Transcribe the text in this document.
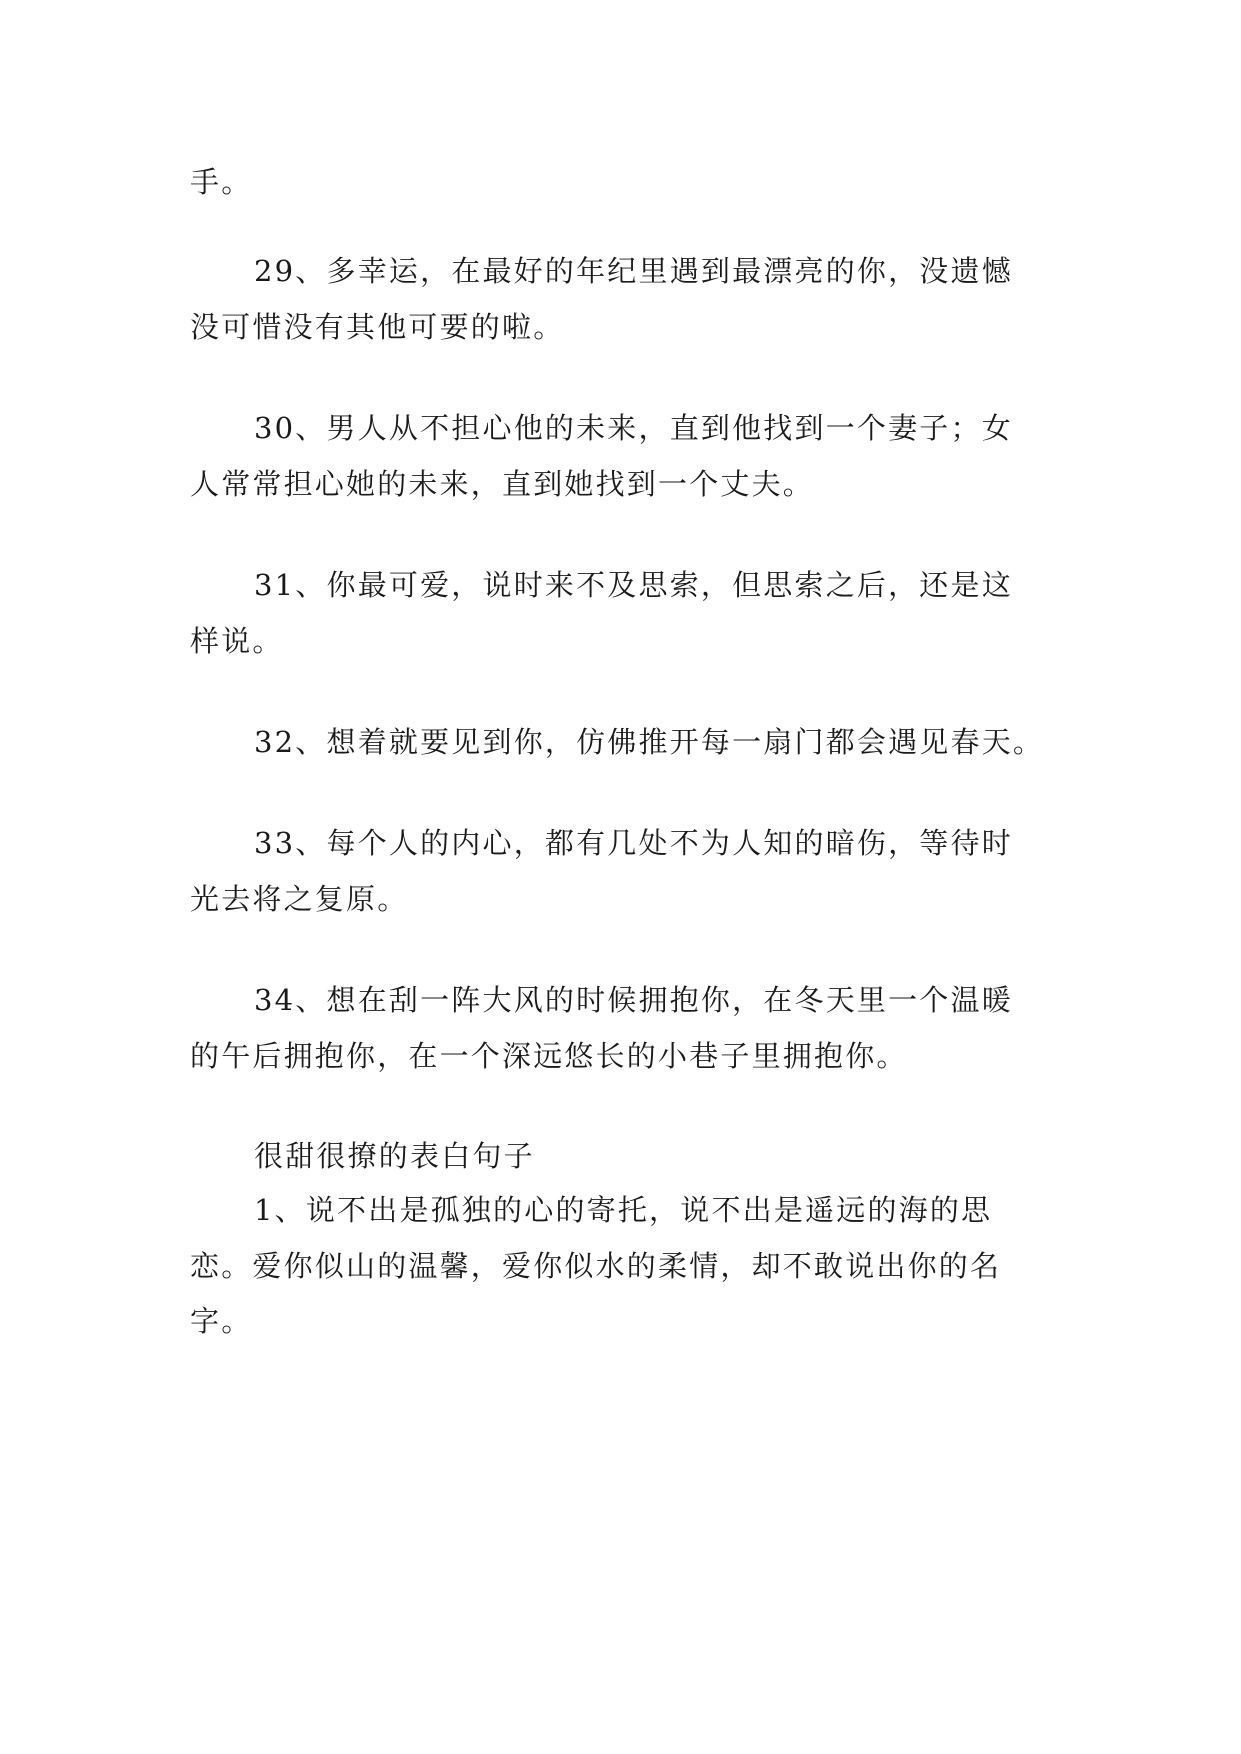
手。

29、多幸运，在最好的年纪里遇到最漂亮的你，没遗憾

没可惜没有其他可要的啦。

30、男人从不担心他的未来，直到他找到一个妻子；女

人常常担心她的未来，直到她找到一个丈夫。

31、你最可爱，说时来不及思索，但思索之后，还是这

样说。

32、想着就要见到你，仿佛推开每一扇门都会遇见春天。

33、每个人的内心，都有几处不为人知的暗伤，等待时

光去将之复原。

34、想在刮一阵大风的时候拥抱你，在冬天里一个温暖

的午后拥抱你，在一个深远悠长的小巷子里拥抱你。

很甜很撩的表白句子

1、说不出是孤独的心的寄托，说不出是遥远的海的思

恋。爱你似山的温馨，爱你似水的柔情，却不敢说出你的名

字。
